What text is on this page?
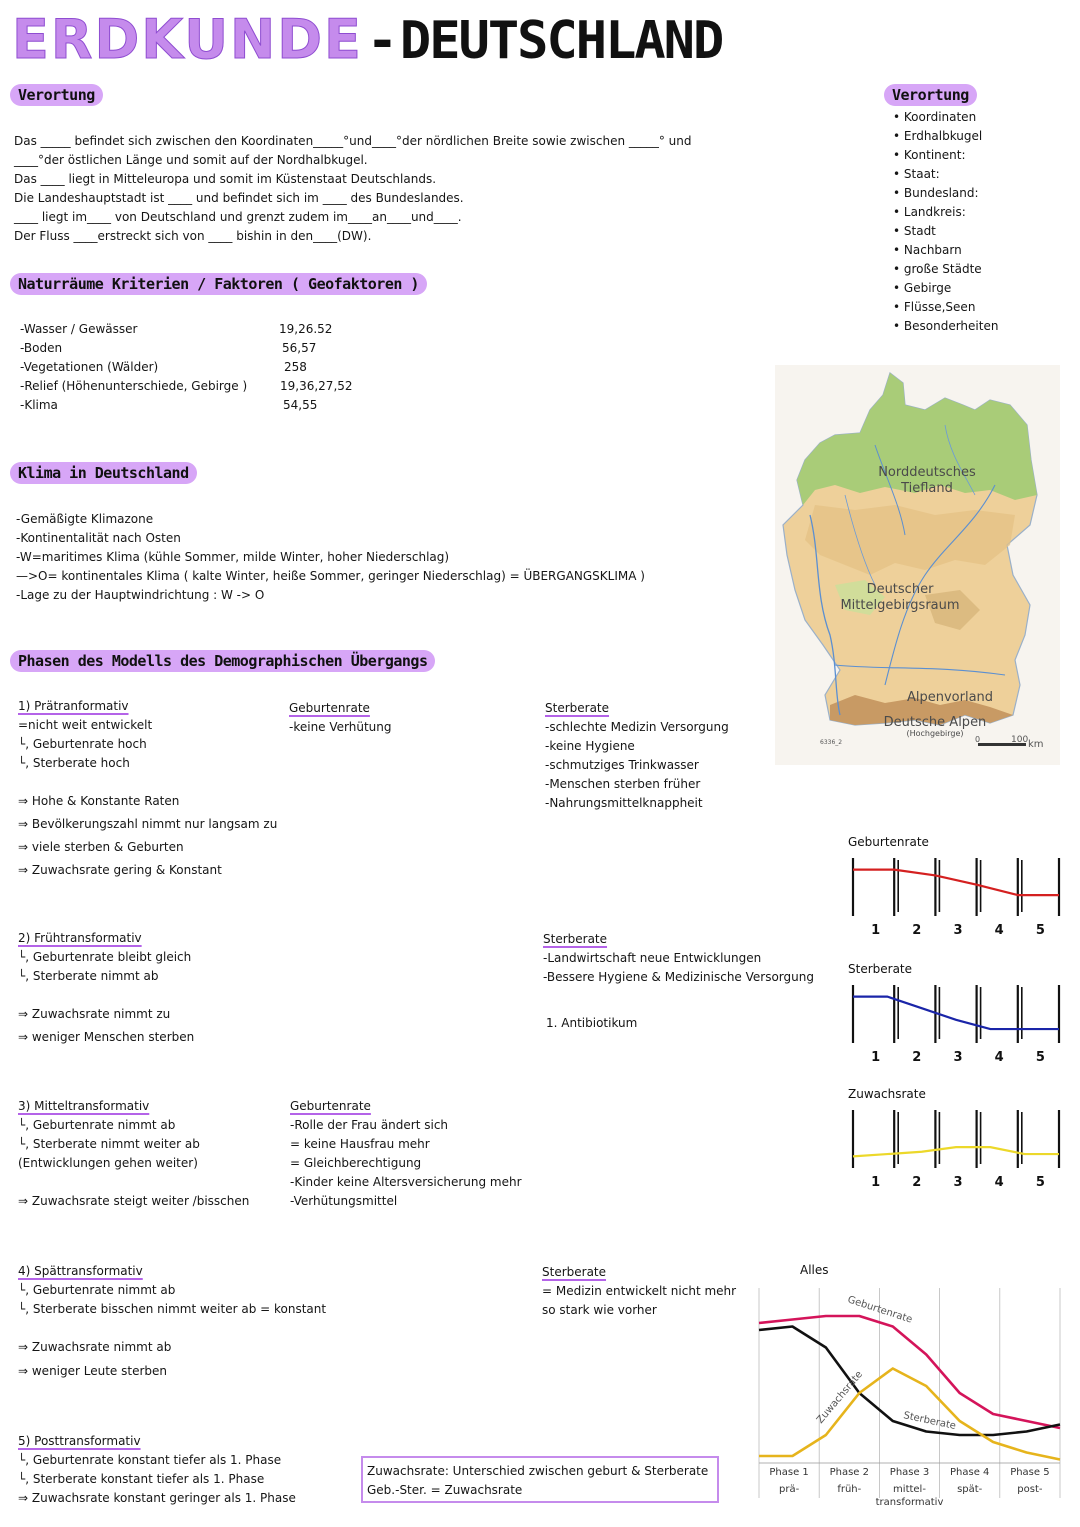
ERDKUNDE - DEUTSCHLAND
Verortung
Das _____ befindet sich zwischen den Koordinaten_____°und____°der nördlichen Breite sowie zwischen _____° und
____°der östlichen Länge und somit auf der Nordhalbkugel.
Das ____ liegt in Mitteleuropa und somit im Küstenstaat Deutschlands.
Die Landeshauptstadt ist ____ und befindet sich im ____ des Bundeslandes.
____ liegt im____ von Deutschland und grenzt zudem im____an____und____.
Der Fluss ____erstreckt sich von ____ bishin in den____(DW).
Verortung
• Koordinaten
• Erdhalbkugel
• Kontinent:
• Staat:
• Bundesland:
• Landkreis:
• Stadt
• Nachbarn
• große Städte
• Gebirge
• Flüsse,Seen
• Besonderheiten
Naturräume Kriterien / Faktoren ( Geofaktoren )
-Wasser / Gewässer	19,26.52
-Boden	56,57
-Vegetationen (Wälder)	258
-Relief (Höhenunterschiede, Gebirge )	19,36,27,52
-Klima	54,55
Klima in Deutschland
-Gemäßigte Klimazone
-Kontinentalität nach Osten
-W=maritimes Klima (kühle Sommer, milde Winter, hoher Niederschlag)
—>O= kontinentales Klima ( kalte Winter, heiße Sommer, geringer Niederschlag) = ÜBERGANGSKLIMA )
-Lage zu der Hauptwindrichtung : W -> O
Norddeutsches
Tiefland
Deutscher
Mittelgebirgsraum
Alpenvorland
Deutsche Alpen
(Hochgebirge)
6336_2	0	100 km
Phasen des Modells des Demographischen Übergangs
1) Prätranformativ
=nicht weit entwickelt
└, Geburtenrate hoch
└, Sterberate hoch
⇒ Hohe & Konstante Raten
⇒ Bevölkerungszahl nimmt nur langsam zu
⇒ viele sterben & Geburten
⇒ Zuwachsrate gering & Konstant
Geburtenrate
-keine Verhütung
Sterberate
-schlechte Medizin Versorgung
-keine Hygiene
-schmutziges Trinkwasser
-Menschen sterben früher
-Nahrungsmittelknappheit
2) Frühtransformativ
└, Geburtenrate bleibt gleich
└, Sterberate nimmt ab
⇒ Zuwachsrate nimmt zu
⇒ weniger Menschen sterben
Sterberate
-Landwirtschaft neue Entwicklungen
-Bessere Hygiene & Medizinische Versorgung
1. Antibiotikum
3) Mitteltransformativ
└, Geburtenrate nimmt ab
└, Sterberate nimmt weiter ab
(Entwicklungen gehen weiter)
⇒ Zuwachsrate steigt weiter /bisschen
Geburtenrate
-Rolle der Frau ändert sich
= keine Hausfrau mehr
= Gleichberechtigung
-Kinder keine Altersversicherung mehr
-Verhütungsmittel
4) Spättransformativ
└, Geburtenrate nimmt ab
└, Sterberate bisschen nimmt weiter ab = konstant
⇒ Zuwachsrate nimmt ab
⇒ weniger Leute sterben
Sterberate
= Medizin entwickelt nicht mehr
so stark wie vorher
5) Posttransformativ
└, Geburtenrate konstant tiefer als 1. Phase
└, Sterberate konstant tiefer als 1. Phase
⇒ Zuwachsrate konstant geringer als 1. Phase
Zuwachsrate: Unterschied zwischen geburt & Sterberate
Geb.-Ster. = Zuwachsrate
Geburtenrate
1 2 3 4 5
Sterberate
1 2 3 4 5
Zuwachsrate
1 2 3 4 5
Alles
Geburtenrate
Sterberate
Zuwachsrate
Phase 1 Phase 2 Phase 3 Phase 4 Phase 5
prä-	früh-	mittel-
transformativ
spät-	post-
